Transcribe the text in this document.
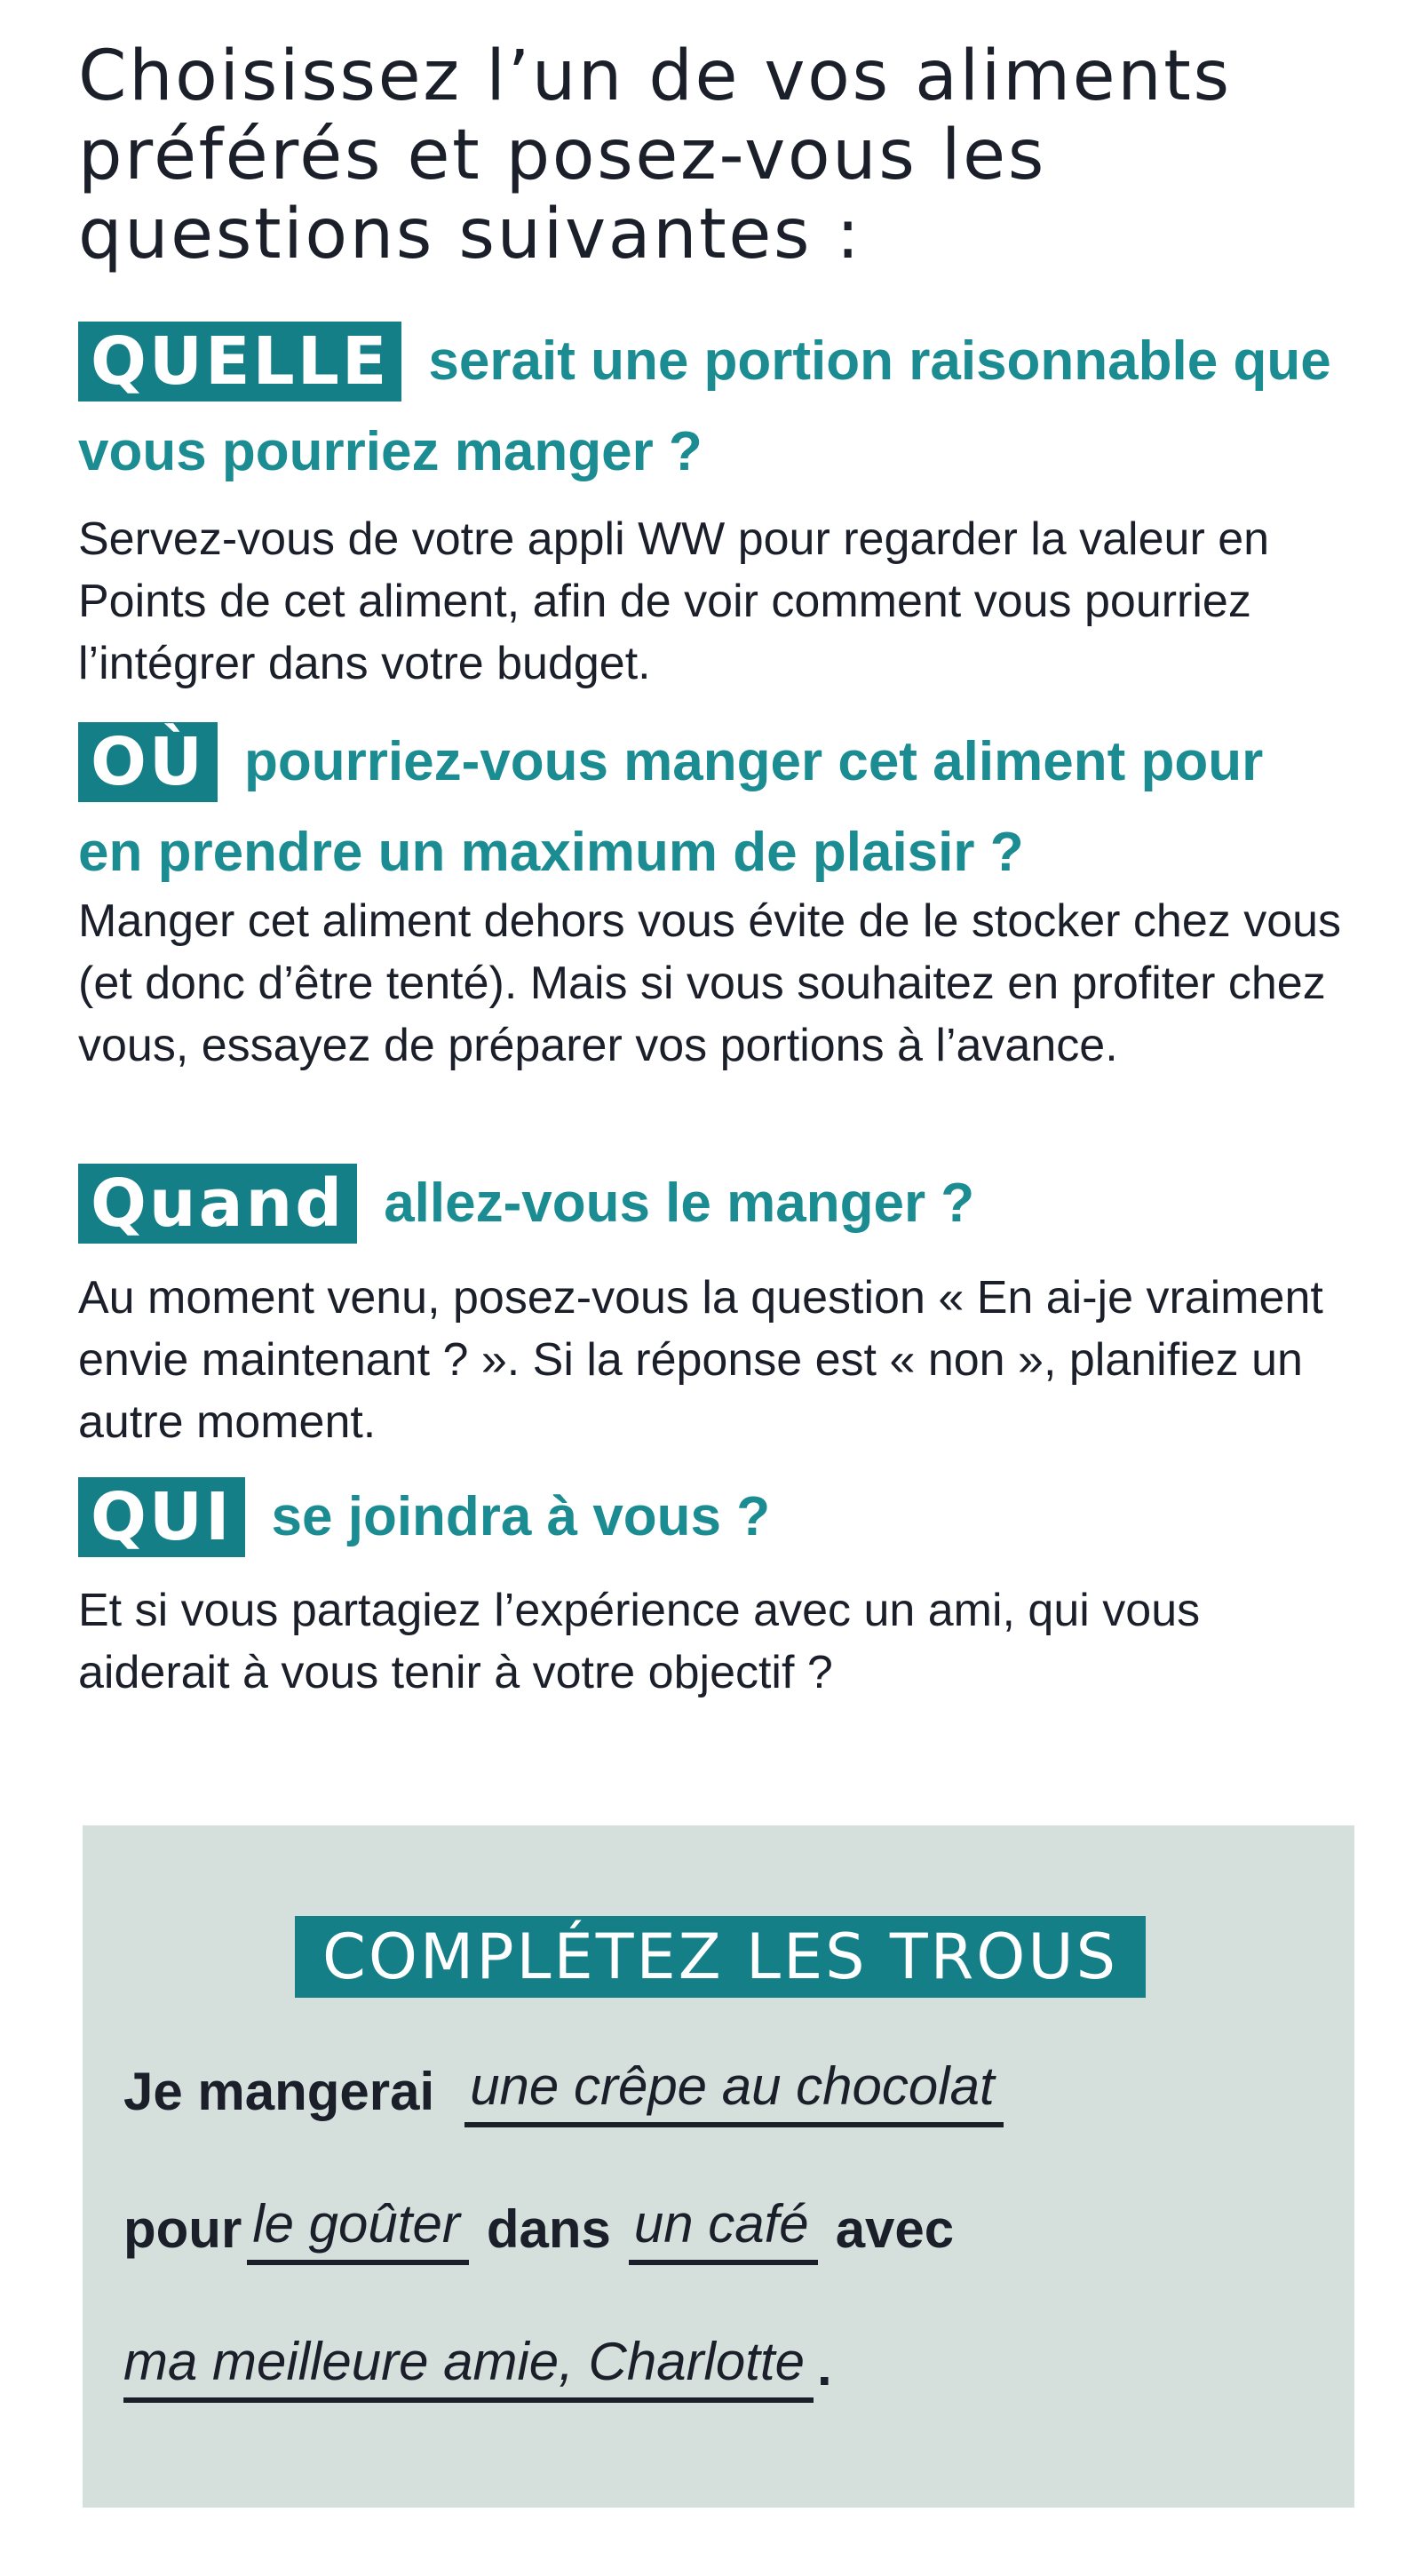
Choisissez l’un de vos aliments préférés et posez-vous les questions suivantes :
QUELLE serait une portion raisonnable que
vous pourriez manger ?

Servez-vous de votre appli WW pour regarder la valeur en Points de cet aliment, afin de voir comment vous pourriez l’intégrer dans votre budget.

OÙ pourriez-vous manger cet aliment pour
en prendre un maximum de plaisir ?

Manger cet aliment dehors vous évite de le stocker chez vous (et donc d’être tenté). Mais si vous souhaitez en profiter chez vous, essayez de préparer vos portions à l’avance.

Quand allez-vous le manger ?

Au moment venu, posez-vous la question « En ai-je vraiment envie maintenant ? ». Si la réponse est « non », planifiez un autre moment.

QUI se joindra à vous ?

Et si vous partagiez l’expérience avec un ami, qui vous aiderait à vous tenir à votre objectif ?

COMPLÉTEZ LES TROUS
Je mangerai une crêpe au chocolat
pour le goûter dans un café avec
ma meilleure amie, Charlotte .
